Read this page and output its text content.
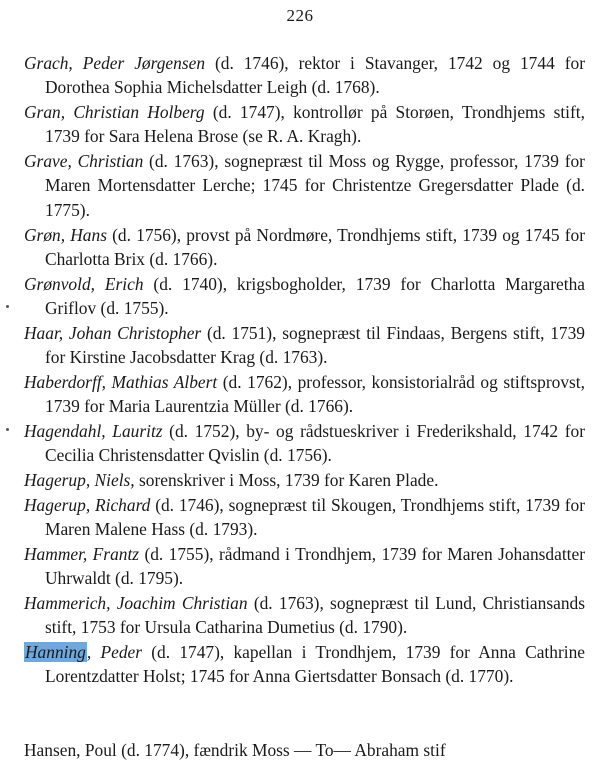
226

Grach, Peder Jørgensen (d. 1746), rektor i Stavanger, 1742 og 1744 for Dorothea Sophia Michelsdatter Leigh (d. 1768).

Gran, Christian Holberg (d. 1747), kontrollør på Storøen, Trondhjems stift, 1739 for Sara Helena Brose (se R. A. Kragh).

Grave, Christian (d. 1763), sognepræst til Moss og Rygge, professor, 1739 for Maren Mortensdatter Lerche; 1745 for Christentze Gregersdatter Plade (d. 1775).

Grøn, Hans (d. 1756), provst på Nordmøre, Trondhjems stift, 1739 og 1745 for Charlotta Brix (d. 1766).

Grønvold, Erich (d. 1740), krigsbogholder, 1739 for Charlotta Margaretha Griflov (d. 1755).

Haar, Johan Christopher (d. 1751), sognepræst til Findaas, Bergens stift, 1739 for Kirstine Jacobsdatter Krag (d. 1763).

Haberdorff, Mathias Albert (d. 1762), professor, konsistorialråd og stiftsprovst, 1739 for Maria Laurentzia Müller (d. 1766).

Hagendahl, Lauritz (d. 1752), by- og rådstueskriver i Frederikshald, 1742 for Cecilia Christensdatter Qvislin (d. 1756).

Hagerup, Niels, sorenskriver i Moss, 1739 for Karen Plade.

Hagerup, Richard (d. 1746), sognepræst til Skougen, Trondhjems stift, 1739 for Maren Malene Hass (d. 1793).

Hammer, Frantz (d. 1755), rådmand i Trondhjem, 1739 for Maren Johansdatter Uhrwaldt (d. 1795).

Hammerich, Joachim Christian (d. 1763), sognepræst til Lund, Christiansands stift, 1753 for Ursula Catharina Dumetius (d. 1790).

Hanning, Peder (d. 1747), kapellan i Trondhjem, 1739 for Anna Cathrine Lorentzdatter Holst; 1745 for Anna Giertsdatter Bonsach (d. 1770).

Hansen, Poul (d. 1774), fændrik Moss — To— Abraham stif
